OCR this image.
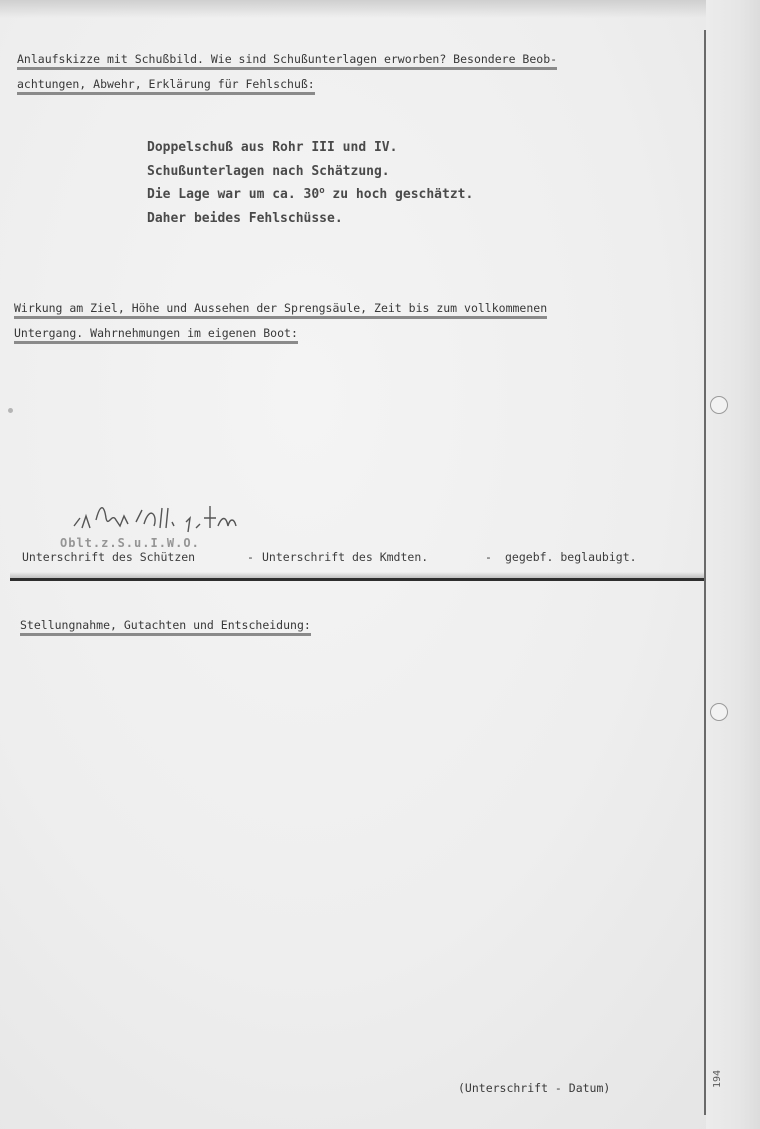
Anlaufskizze mit Schußbild. Wie sind Schußunterlagen erworben? Besondere Beob-
achtungen, Abwehr, Erklärung für Fehlschuß:
Doppelschuß aus Rohr III und IV.
Schußunterlagen nach Schätzung.
Die Lage war um ca. 30$^o$ zu hoch geschätzt.
Daher beides Fehlschüsse.
Wirkung am Ziel, Höhe und Aussehen der Sprengsäule, Zeit bis zum vollkommenen
Untergang. Wahrnehmungen im eigenen Boot:
Oblt.z.S.u.I.W.O.
Unterschrift des Schützen	- Unterschrift des Kmdten.	- gegebf. beglaubigt.
Stellungnahme, Gutachten und Entscheidung:
(Unterschrift - Datum)	194
